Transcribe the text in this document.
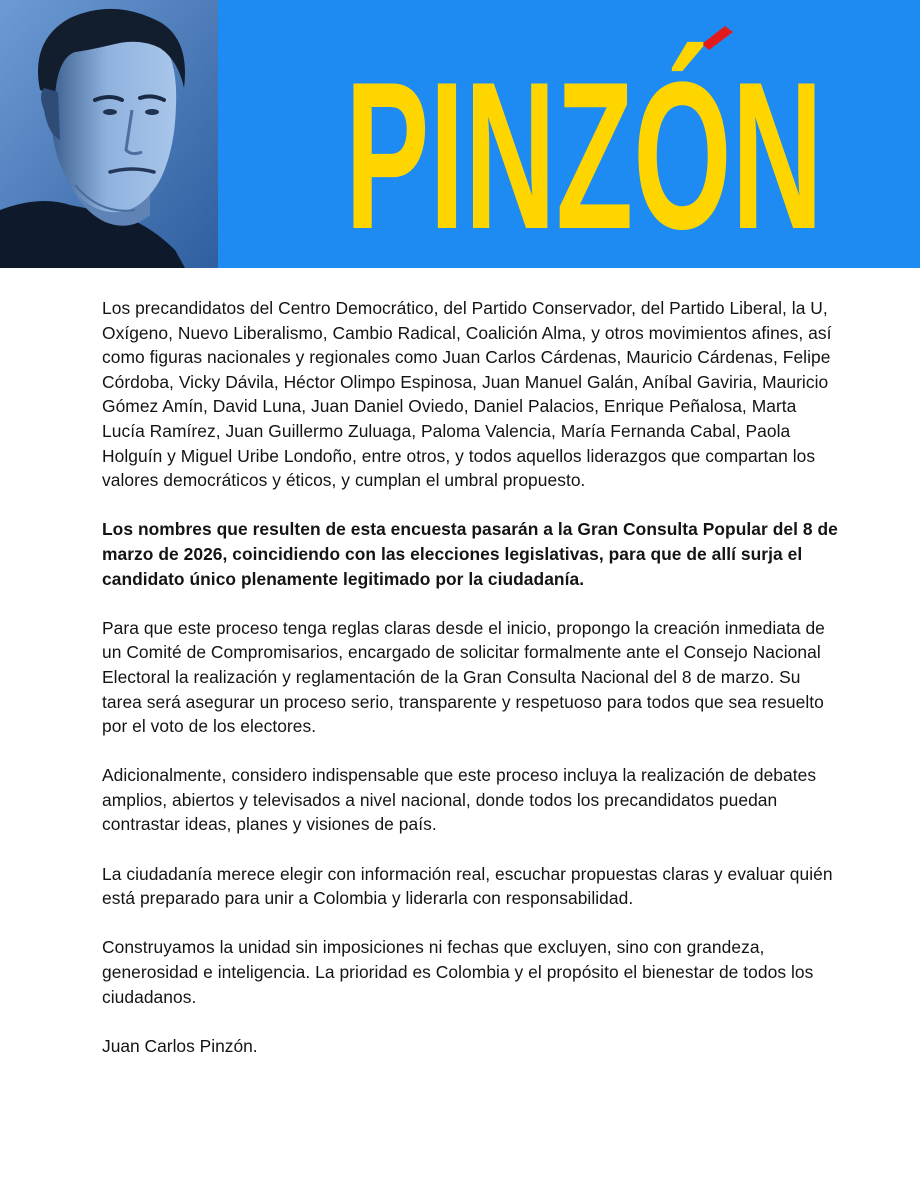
PINZÓN

Los precandidatos del Centro Democrático, del Partido Conservador, del Partido Liberal, la U, Oxígeno, Nuevo Liberalismo, Cambio Radical, Coalición Alma, y otros movimientos afines, así como figuras nacionales y regionales como Juan Carlos Cárdenas, Mauricio Cárdenas, Felipe Córdoba, Vicky Dávila, Héctor Olimpo Espinosa, Juan Manuel Galán, Aníbal Gaviria, Mauricio Gómez Amín, David Luna, Juan Daniel Oviedo, Daniel Palacios, Enrique Peñalosa, Marta Lucía Ramírez, Juan Guillermo Zuluaga, Paloma Valencia, María Fernanda Cabal, Paola Holguín y Miguel Uribe Londoño, entre otros, y todos aquellos liderazgos que compartan los valores democráticos y éticos, y cumplan el umbral propuesto.

Los nombres que resulten de esta encuesta pasarán a la Gran Consulta Popular del 8 de marzo de 2026, coincidiendo con las elecciones legislativas, para que de allí surja el candidato único plenamente legitimado por la ciudadanía.

Para que este proceso tenga reglas claras desde el inicio, propongo la creación inmediata de un Comité de Compromisarios, encargado de solicitar formalmente ante el Consejo Nacional Electoral la realización y reglamentación de la Gran Consulta Nacional del 8 de marzo. Su tarea será asegurar un proceso serio, transparente y respetuoso para todos que sea resuelto por el voto de los electores.

Adicionalmente, considero indispensable que este proceso incluya la realización de debates amplios, abiertos y televisados a nivel nacional, donde todos los precandidatos puedan contrastar ideas, planes y visiones de país.

La ciudadanía merece elegir con información real, escuchar propuestas claras y evaluar quién está preparado para unir a Colombia y liderarla con responsabilidad.

Construyamos la unidad sin imposiciones ni fechas que excluyen, sino con grandeza, generosidad e inteligencia. La prioridad es Colombia y el propósito el bienestar de todos los ciudadanos.

Juan Carlos Pinzón.
